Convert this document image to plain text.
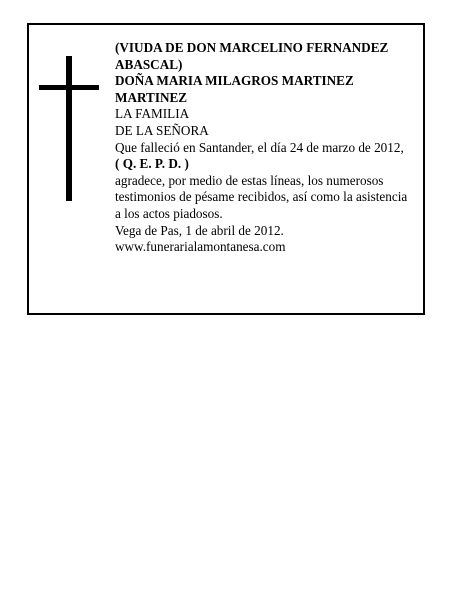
(VIUDA DE DON MARCELINO FERNANDEZ
ABASCAL)
DOÑA MARIA MILAGROS MARTINEZ
MARTINEZ
LA FAMILIA
DE LA SEÑORA
Que falleció en Santander, el día 24 de marzo de 2012,
( Q. E. P. D. )
agradece, por medio de estas líneas, los numerosos
testimonios de pésame recibidos, así como la asistencia
a los actos piadosos.
Vega de Pas, 1 de abril de 2012.
www.funerarialamontanesa.com
